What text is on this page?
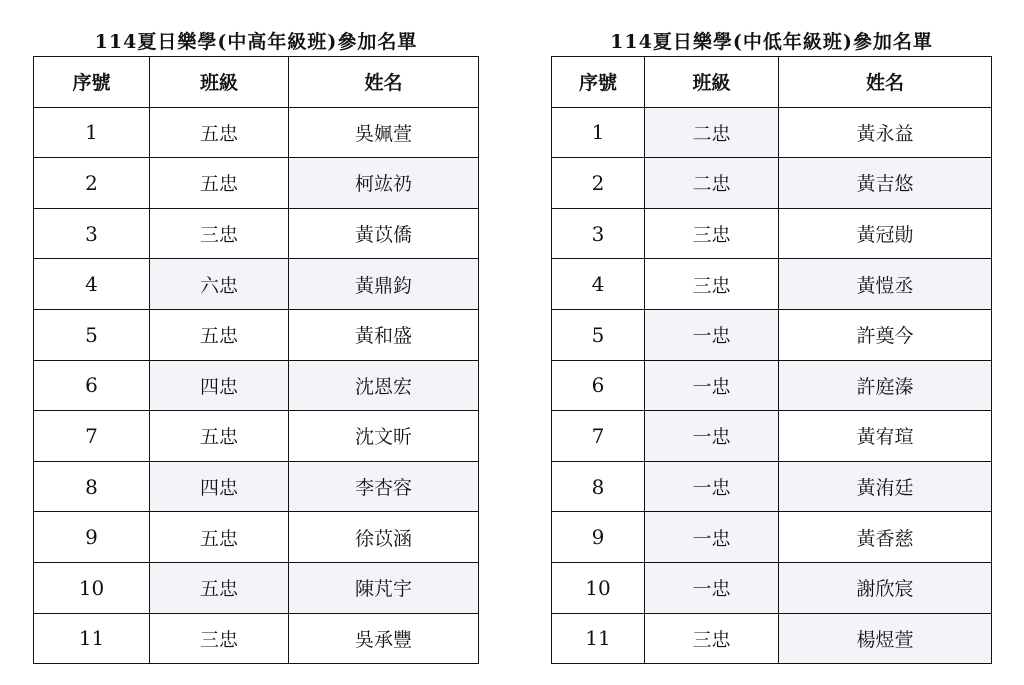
114夏日樂學(中高年級班)參加名單
序號	班級	姓名
1	五忠	吳姵萱
2	五忠	柯竑礽
3	三忠	黃苡僑
4	六忠	黃鼎鈞
5	五忠	黃和盛
6	四忠	沈恩宏
7	五忠	沈文昕
8	四忠	李杏容
9	五忠	徐苡涵
10	五忠	陳芃宇
11	三忠	吳承豐
114夏日樂學(中低年級班)參加名單
序號	班級	姓名
1	二忠	黃永益
2	二忠	黃吉悠
3	三忠	黃冠勛
4	三忠	黃愷丞
5	一忠	許奠今
6	一忠	許庭溱
7	一忠	黃宥瑄
8	一忠	黃洧廷
9	一忠	黃香慈
10	一忠	謝欣宸
11	三忠	楊煜萱
